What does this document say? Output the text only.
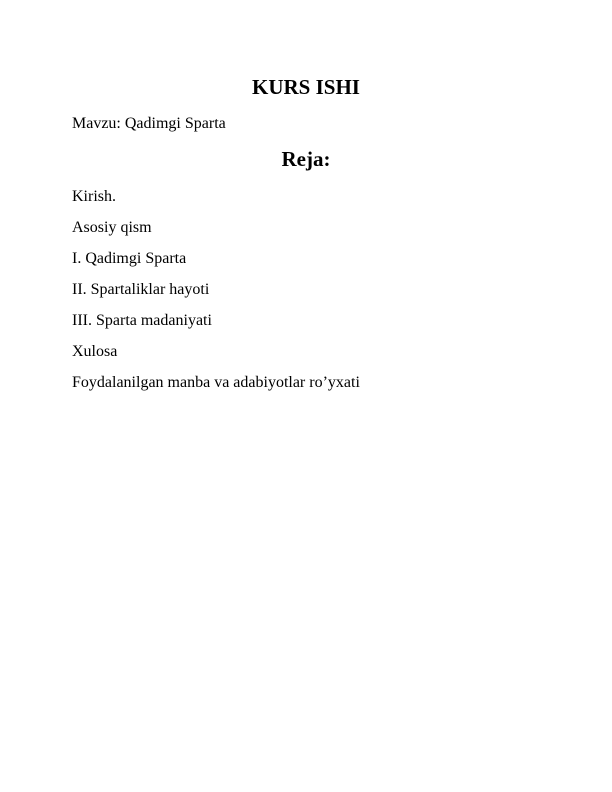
KURS ISHI
Mavzu: Qadimgi Sparta
Reja:
Kirish.
Asosiy qism
I. Qadimgi Sparta
II. Spartaliklar hayoti
III. Sparta madaniyati
Xulosa
Foydalanilgan manba va adabiyotlar ro’yxati
